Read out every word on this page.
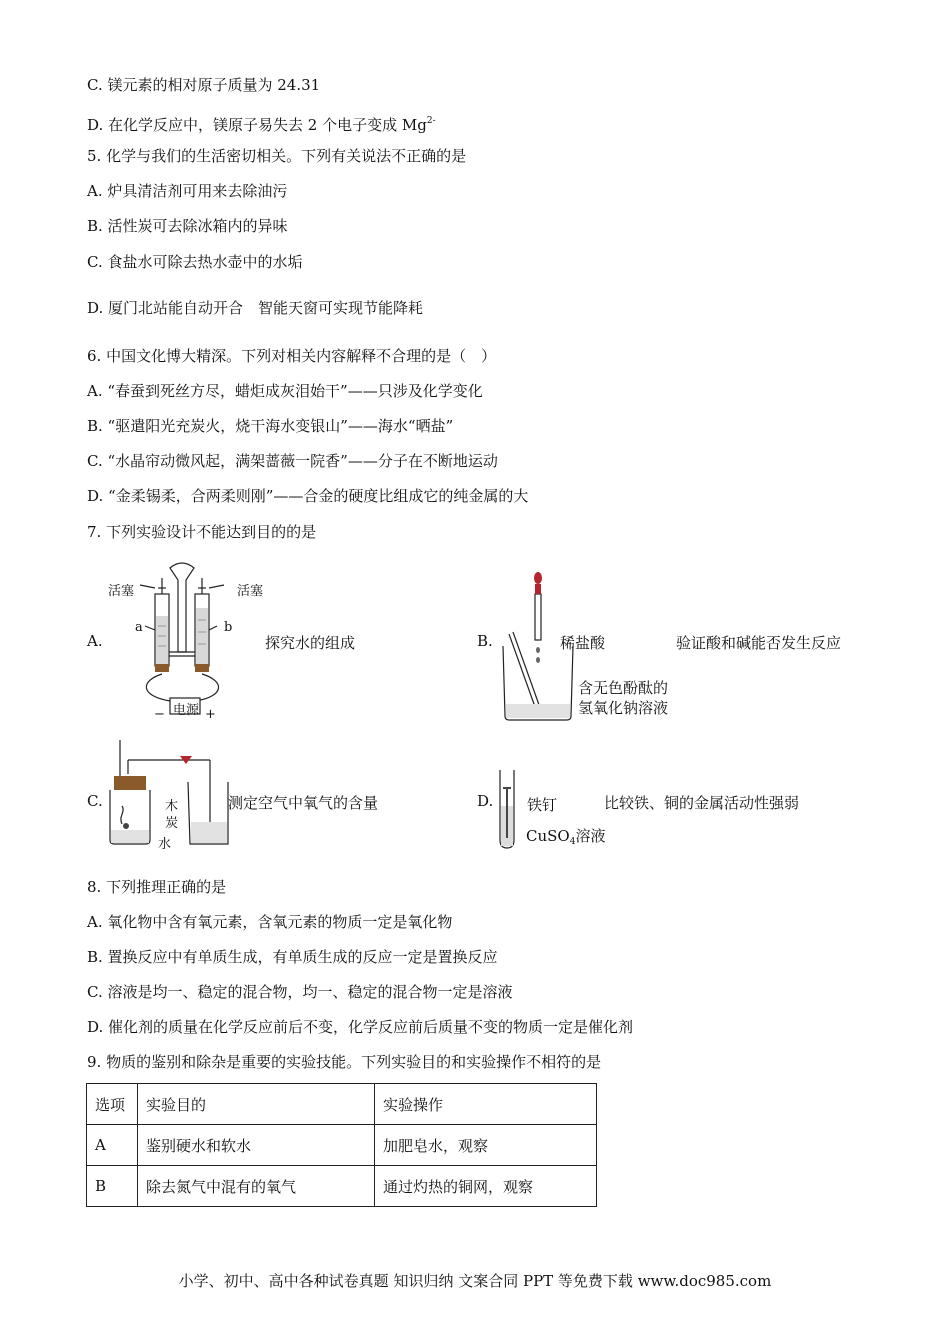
C. 镁元素的相对原子质量为 24.31
D. 在化学反应中，镁原子易失去 2 个电子变成 $Mg^{2-}$
5. 化学与我们的生活密切相关。下列有关说法不正确的是
A. 炉具清洁剂可用来去除油污
B. 活性炭可去除冰箱内的异味
C. 食盐水可除去热水壶中的水垢
D. 厦门北站能自动开合　智能天窗可实现节能降耗
6. 中国文化博大精深。下列对相关内容解释不合理的是（　）
A. “春蚕到死丝方尽，蜡炬成灰泪始干”——只涉及化学变化
B. “驱遣阳光充炭火，烧干海水变银山”——海水“晒盐”
C. “水晶帘动微风起，满架蔷薇一院香”——分子在不断地运动
D. “金柔锡柔，合两柔则刚”——合金的硬度比组成它的纯金属的大
7. 下列实验设计不能达到目的的是
A.
活塞	活塞
a	b
电源
−	+
探究水的组成	B.	稀盐酸
含无色酚酞的
氢氧化钠溶液
验证酸和碱能否发生反应
C.	木
炭
水
测定空气中氧气的含量	D. 铁钉
CuSO$_4$溶液
比较铁、铜的金属活动性强弱
8. 下列推理正确的是
A. 氧化物中含有氧元素，含氧元素的物质一定是氧化物
B. 置换反应中有单质生成，有单质生成的反应一定是置换反应
C. 溶液是均一、稳定的混合物，均一、稳定的混合物一定是溶液
D. 催化剂的质量在化学反应前后不变，化学反应前后质量不变的物质一定是催化剂
9. 物质的鉴别和除杂是重要的实验技能。下列实验目的和实验操作不相符的是
选项	实验目的	实验操作
A	鉴别硬水和软水	加肥皂水，观察
B	除去氮气中混有的氧气	通过灼热的铜网，观察
小学、初中、高中各种试卷真题 知识归纳 文案合同 PPT 等免费下载 www.doc985.com
